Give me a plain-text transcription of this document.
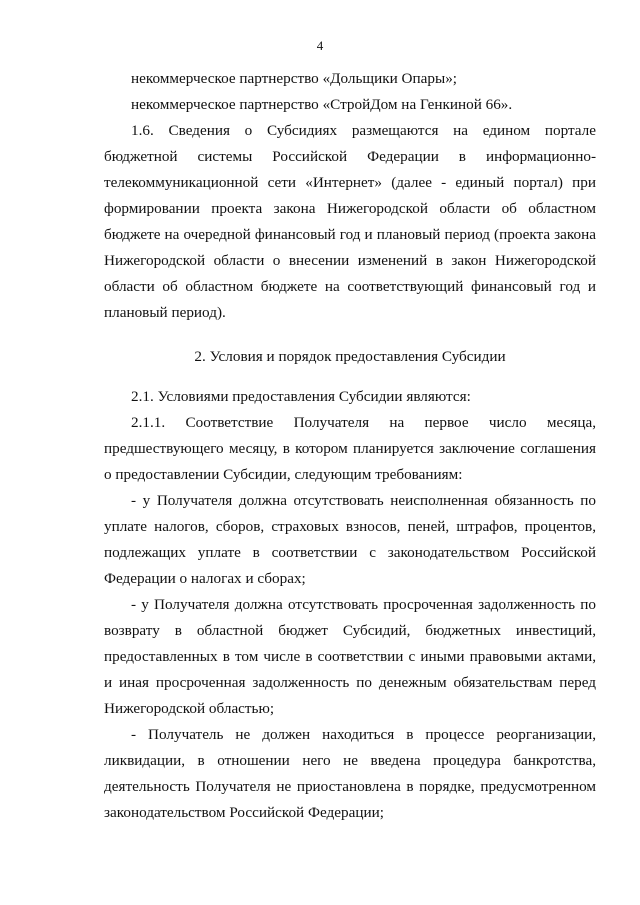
4

некоммерческое партнерство «Дольщики Опары»;

некоммерческое партнерство «СтройДом на Генкиной 66».

1.6. Сведения о Субсидиях размещаются на едином портале бюджетной системы Российской Федерации в информационно-телекоммуникационной сети «Интернет» (далее - единый портал) при формировании проекта закона Нижегородской области об областном бюджете на очередной финансовый год и плановый период (проекта закона Нижегородской области о внесении изменений в закон Нижегородской области об областном бюджете на соответствующий финансовый год и плановый период).

2. Условия и порядок предоставления Субсидии

2.1. Условиями предоставления Субсидии являются:

2.1.1. Соответствие Получателя на первое число месяца, предшествующего месяцу, в котором планируется заключение соглашения о предоставлении Субсидии, следующим требованиям:

- у Получателя должна отсутствовать неисполненная обязанность по уплате налогов, сборов, страховых взносов, пеней, штрафов, процентов, подлежащих уплате в соответствии с законодательством Российской Федерации о налогах и сборах;

- у Получателя должна отсутствовать просроченная задолженность по возврату в областной бюджет Субсидий, бюджетных инвестиций, предоставленных в том числе в соответствии с иными правовыми актами, и иная просроченная задолженность по денежным обязательствам перед Нижегородской областью;

- Получатель не должен находиться в процессе реорганизации, ликвидации, в отношении него не введена процедура банкротства, деятельность Получателя не приостановлена в порядке, предусмотренном законодательством Российской Федерации;
